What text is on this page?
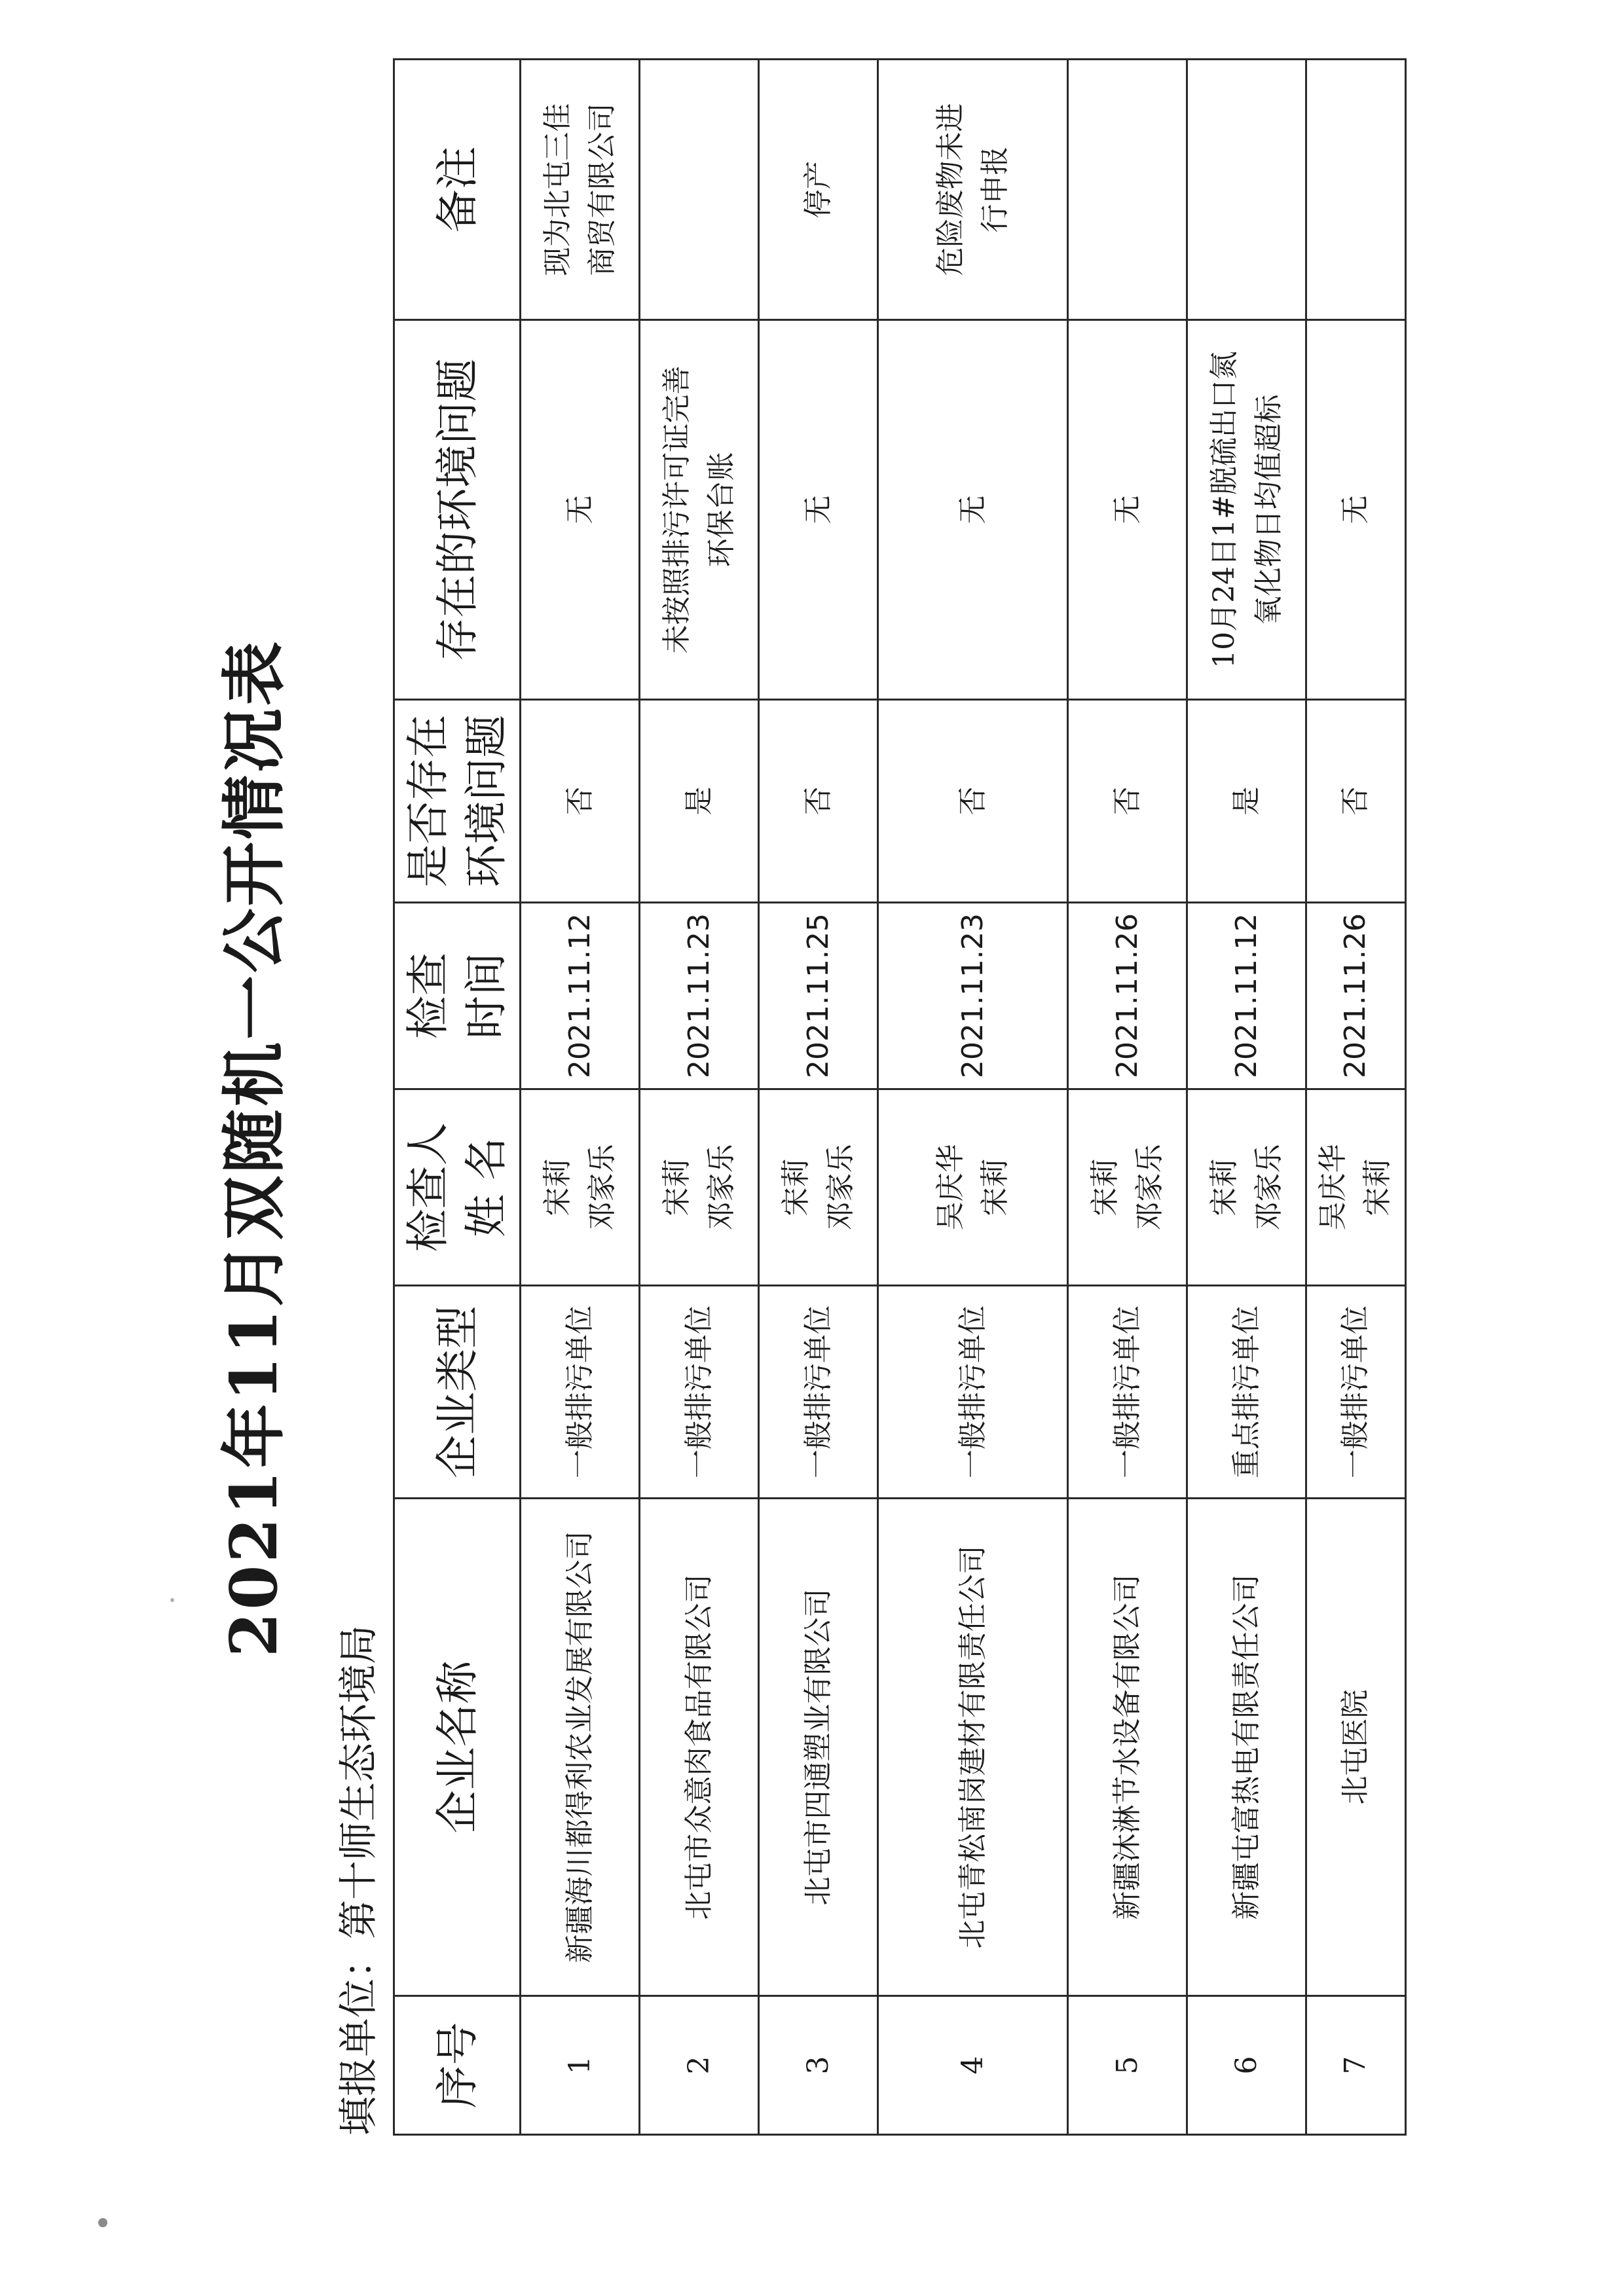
2021年11月双随机一公开情况表
填报单位：第十师生态环境局
序号	企业名称	企业类型	检查人 姓 名	检查 时间	是否存在 环境问题	存在的环境问题	备注
1	新疆海川都得利农业发展有限公司	一般排污单位	宋莉 邓家乐	2021.11.12	否	无	现为北屯三佳 商贸有限公司

2	北屯市众意肉食品有限公司	一般排污单位	宋莉 邓家乐	2021.11.23	是	未按照排污许可证完善 环保台账	

3	北屯市四通塑业有限公司	一般排污单位	宋莉 邓家乐	2021.11.25	否	无	停产

4	北屯青松南岗建材有限责任公司	一般排污单位	吴庆华 宋莉	2021.11.23	否	无	危险废物未进 行申报

5	新疆沐淋节水设备有限公司	一般排污单位	宋莉 邓家乐	2021.11.26	否	无	

6	新疆屯富热电有限责任公司	重点排污单位	宋莉 邓家乐	2021.11.12	是	10月24日1#脱硫出口氮 氧化物日均值超标	

7	北屯医院	一般排污单位	吴庆华 宋莉	2021.11.26	否	无	
